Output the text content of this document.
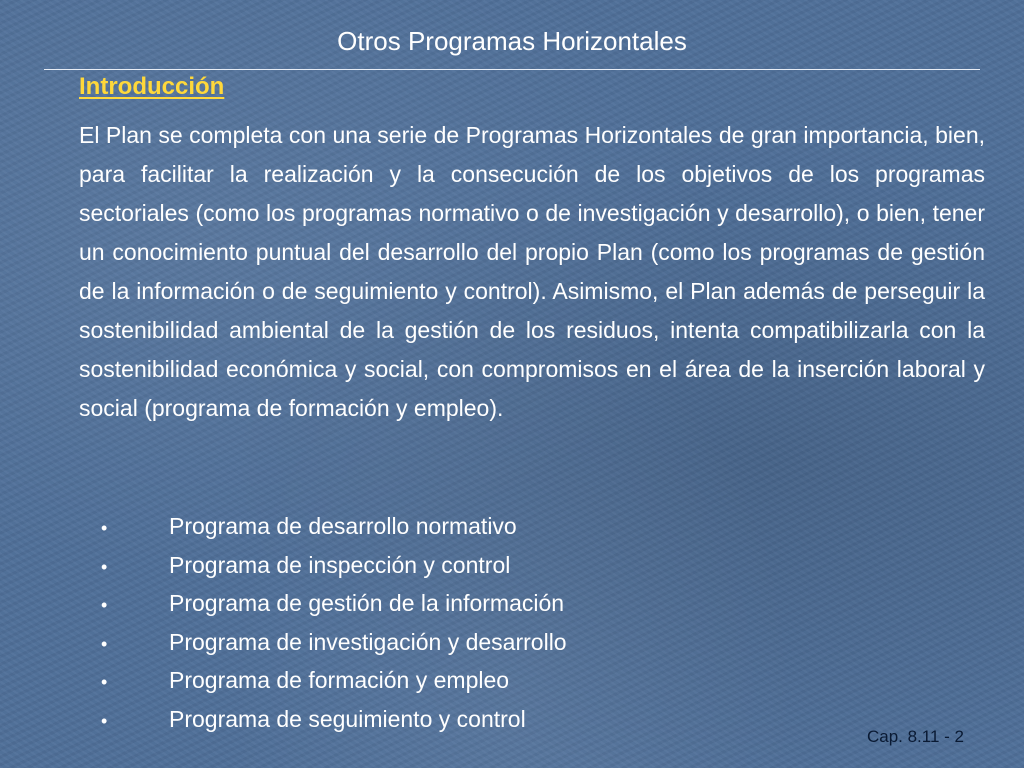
Otros Programas Horizontales
Introducción

El Plan se completa con una serie de Programas Horizontales de gran importancia, bien, para facilitar la realización y la consecución de los objetivos de los programas sectoriales (como los programas normativo o de investigación y desarrollo), o bien, tener un conocimiento puntual del desarrollo del propio Plan (como los programas de gestión de la información o de seguimiento y control). Asimismo, el Plan además de perseguir la sostenibilidad ambiental de la gestión de los residuos, intenta compatibilizarla con la sostenibilidad económica y social, con compromisos en el área de la inserción laboral y social (programa de formación y empleo).

•	Programa de desarrollo normativo
•	Programa de inspección y control
•	Programa de gestión de la información
•	Programa de investigación y desarrollo
•	Programa de formación y empleo
•	Programa de seguimiento y control
Cap. 8.11 - 2
